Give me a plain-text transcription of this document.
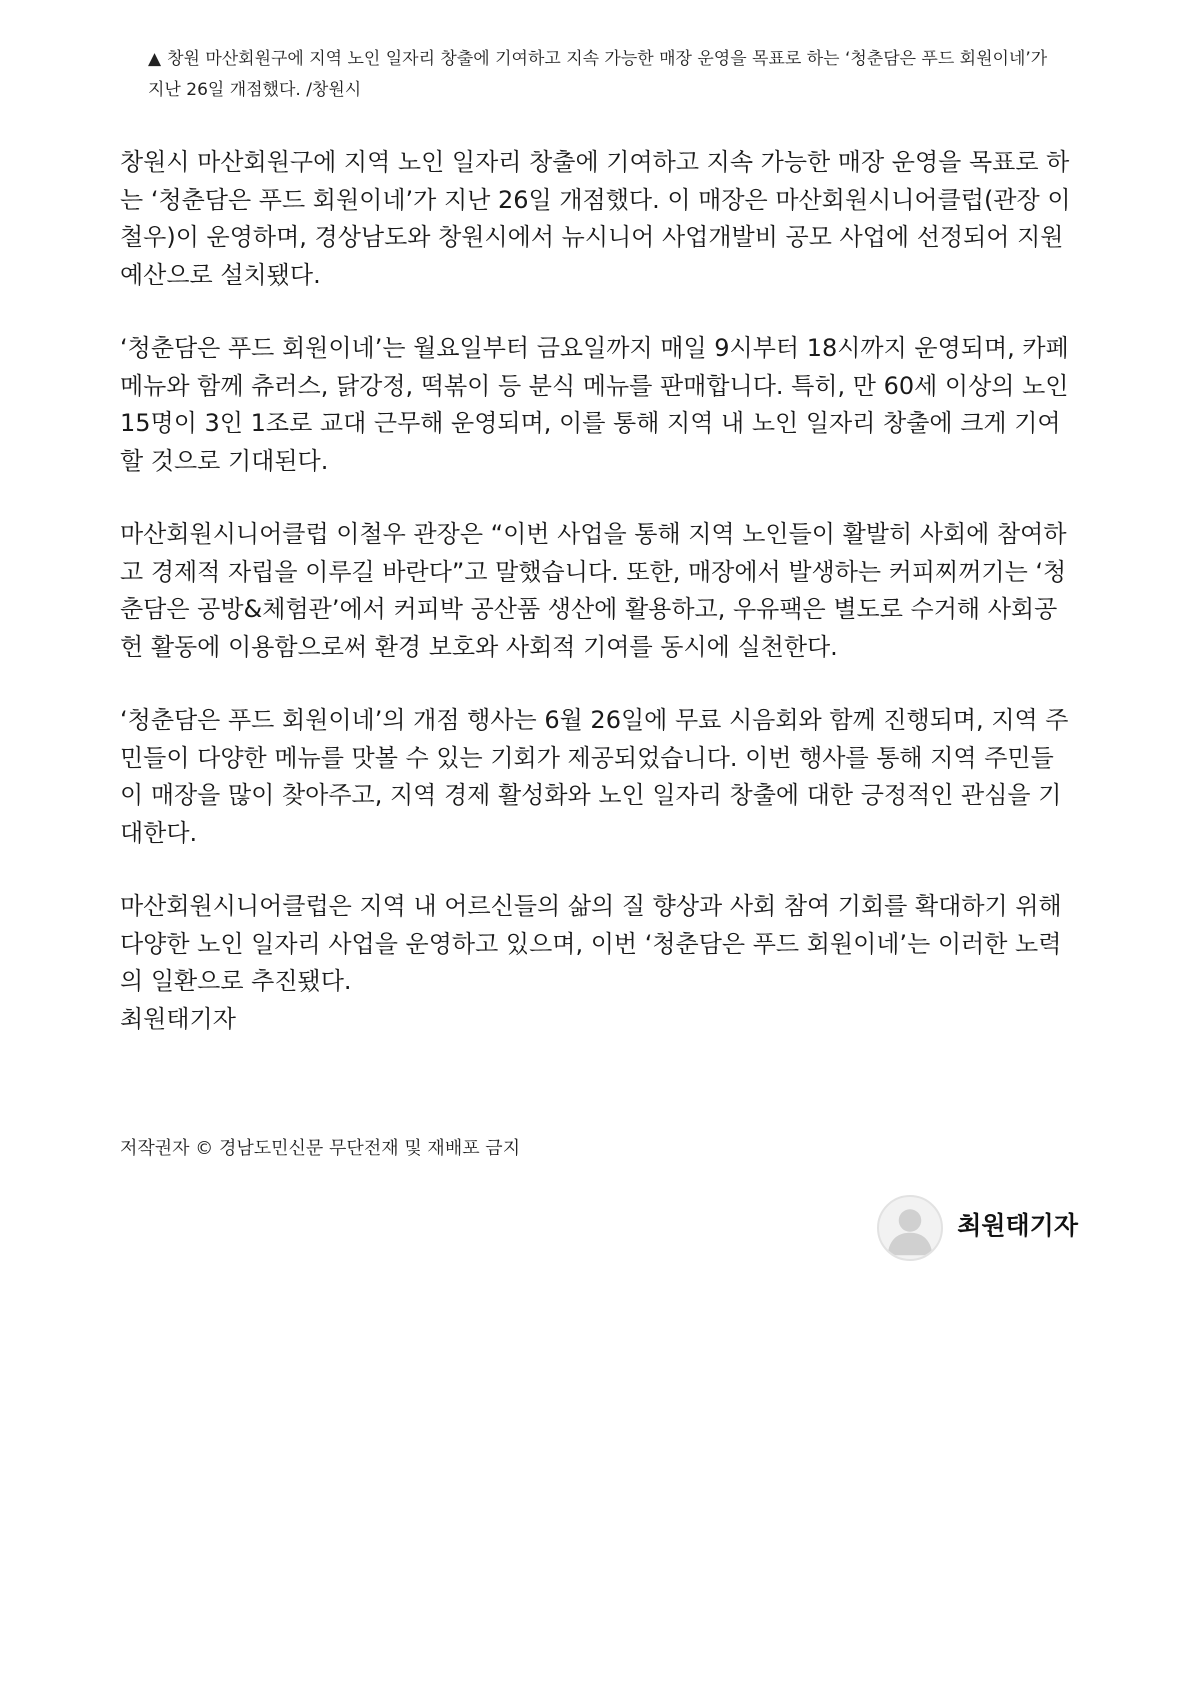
▲ 창원 마산회원구에 지역 노인 일자리 창출에 기여하고 지속 가능한 매장 운영을 목표로 하는 ‘청춘담은 푸드 회원이네’가 지난 26일 개점했다. /창원시

창원시 마산회원구에 지역 노인 일자리 창출에 기여하고 지속 가능한 매장 운영을 목표로 하는 ‘청춘담은 푸드 회원이네’가 지난 26일 개점했다. 이 매장은 마산회원시니어클럽(관장 이철우)이 운영하며, 경상남도와 창원시에서 뉴시니어 사업개발비 공모 사업에 선정되어 지원 예산으로 설치됐다.

‘청춘담은 푸드 회원이네’는 월요일부터 금요일까지 매일 9시부터 18시까지 운영되며, 카페 메뉴와 함께 츄러스, 닭강정, 떡볶이 등 분식 메뉴를 판매합니다. 특히, 만 60세 이상의 노인 15명이 3인 1조로 교대 근무해 운영되며, 이를 통해 지역 내 노인 일자리 창출에 크게 기여할 것으로 기대된다.

마산회원시니어클럽 이철우 관장은 “이번 사업을 통해 지역 노인들이 활발히 사회에 참여하고 경제적 자립을 이루길 바란다”고 말했습니다. 또한, 매장에서 발생하는 커피찌꺼기는 ‘청춘담은 공방&체험관’에서 커피박 공산품 생산에 활용하고, 우유팩은 별도로 수거해 사회공헌 활동에 이용함으로써 환경 보호와 사회적 기여를 동시에 실천한다.

‘청춘담은 푸드 회원이네’의 개점 행사는 6월 26일에 무료 시음회와 함께 진행되며, 지역 주민들이 다양한 메뉴를 맛볼 수 있는 기회가 제공되었습니다. 이번 행사를 통해 지역 주민들이 매장을 많이 찾아주고, 지역 경제 활성화와 노인 일자리 창출에 대한 긍정적인 관심을 기대한다.

마산회원시니어클럽은 지역 내 어르신들의 삶의 질 향상과 사회 참여 기회를 확대하기 위해 다양한 노인 일자리 사업을 운영하고 있으며, 이번 ‘청춘담은 푸드 회원이네’는 이러한 노력의 일환으로 추진됐다.

최원태기자
저작권자 © 경남도민신문 무단전재 및 재배포 금지
최원태기자
